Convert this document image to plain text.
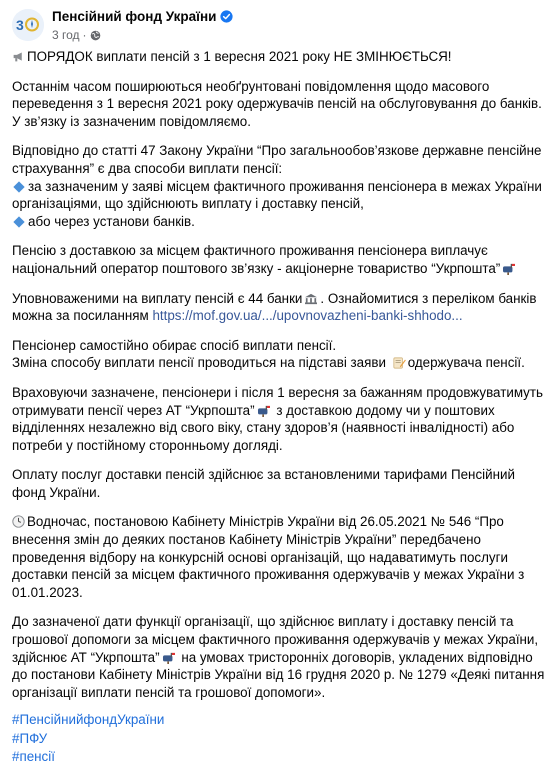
3
Пенсійний фонд України
3 год ·

ПОРЯДОК виплати пенсій з 1 вересня 2021 року НЕ ЗМІНЮЄТЬСЯ!

Останнім часом поширюються необґрунтовані повідомлення щодо масового переведення з 1 вересня 2021 року одержувачів пенсій на обслуговування до банків. У зв’язку із зазначеним повідомляємо.

Відповідно до статті 47 Закону України “Про загальнообов’язкове державне пенсійне страхування” є два способи виплати пенсії:
за зазначеним у заяві місцем фактичного проживання пенсіонера в межах України організаціями, що здійснюють виплату і доставку пенсій,
або через установи банків.

Пенсію з доставкою за місцем фактичного проживання пенсіонера виплачує національний оператор поштового зв’язку - акціонерне товариство “Укрпошта”

Уповноваженими на виплату пенсій є 44 банки . Ознайомитися з переліком банків можна за посиланням https://mof.gov.ua/.../upovnovazheni-banki-shhodo...

Пенсіонер самостійно обирає спосіб виплати пенсії.
Зміна способу виплати пенсії проводиться на підставі заяви одержувача пенсії.

Враховуючи зазначене, пенсіонери і після 1 вересня за бажанням продовжуватимуть отримувати пенсії через АТ “Укрпошта” з доставкою додому чи у поштових відділеннях незалежно від свого віку, стану здоров’я (наявності інвалідності) або потреби у постійному сторонньому догляді.

Оплату послуг доставки пенсій здійснює за встановленими тарифами Пенсійний фонд України.

Водночас, постановою Кабінету Міністрів України від 26.05.2021 № 546 “Про внесення змін до деяких постанов Кабінету Міністрів України” передбачено проведення відбору на конкурсній основі організацій, що надаватимуть послуги доставки пенсій за місцем фактичного проживання одержувачів у межах України з 01.01.2023.

До зазначеної дати функції організації, що здійснює виплату і доставку пенсій та грошової допомоги за місцем фактичного проживання одержувачів у межах України, здійснює АТ “Укрпошта” на умовах тристоронніх договорів, укладених відповідно до постанови Кабінету Міністрів України від 16 грудня 2020 р. № 1279 «Деякі питання організації виплати пенсій та грошової допомоги».

#ПенсійнийфондУкраїни
#ПФУ
#пенсії
